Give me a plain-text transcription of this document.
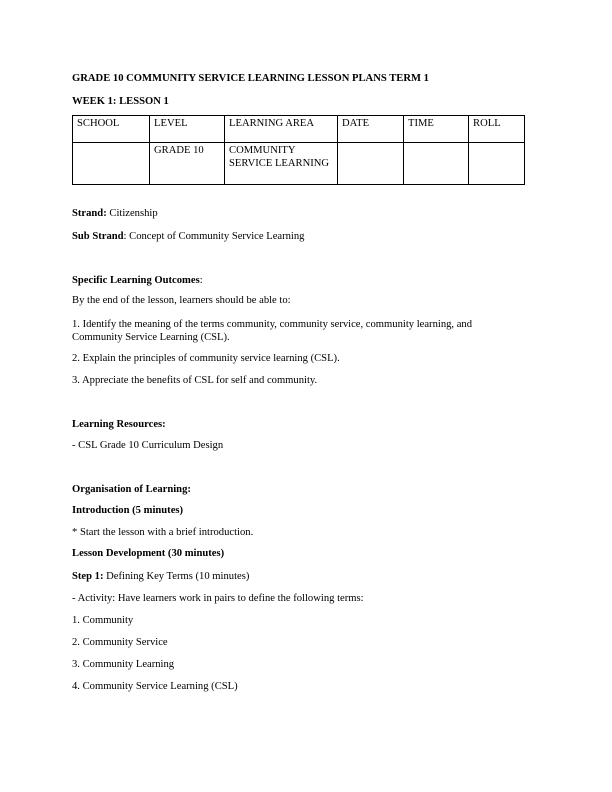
GRADE 10 COMMUNITY SERVICE LEARNING LESSON PLANS TERM 1
WEEK 1: LESSON 1
SCHOOL	LEVEL	LEARNING AREA	DATE	TIME	ROLL
	GRADE 10	COMMUNITY SERVICE LEARNING			
Strand: Citizenship
Sub Strand: Concept of Community Service Learning
Specific Learning Outcomes:
By the end of the lesson, learners should be able to:
1. Identify the meaning of the terms community, community service, community learning, and
Community Service Learning (CSL).
2. Explain the principles of community service learning (CSL).
3. Appreciate the benefits of CSL for self and community.
Learning Resources:
- CSL Grade 10 Curriculum Design
Organisation of Learning:
Introduction (5 minutes)
* Start the lesson with a brief introduction.
Lesson Development (30 minutes)
Step 1: Defining Key Terms (10 minutes)
- Activity: Have learners work in pairs to define the following terms:
1. Community
2. Community Service
3. Community Learning
4. Community Service Learning (CSL)
